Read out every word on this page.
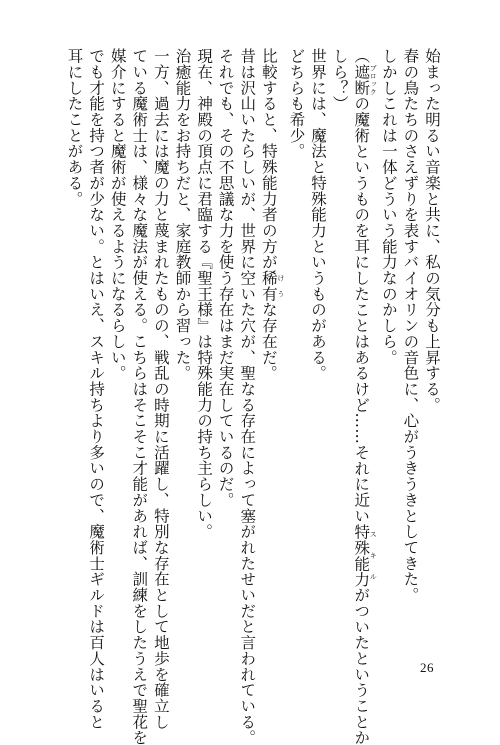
始まった明るい音楽と共に、私の気分も上昇する。
春の鳥たちのさえずりを表すバイオリンの音色に、心がうきうきとしてきた。
しかしこれは一体どういう能力なのかしら。
（遮断 ブロックの魔術というものを耳にしたことはあるけど……それに近い特殊能力 スキルがついたということか
しら？）
世界には、魔法と特殊能力というものがある。
どちらも希少。
比較すると、特殊能力者の方が稀有 けうな存在だ。
昔は沢山いたらしいが、世界に空いた穴が、聖なる存在によって塞がれたせいだと言われている。
それでも、その不思議な力を使う存在はまだ実在しているのだ。
現在、神殿の頂点に君臨する『聖王様』は特殊能力の持ち主らしい。
治癒能力をお持ちだと、家庭教師から習った。
一方、過去には魔の力と蔑まれたものの、戦乱の時期に活躍し、特別な存在として地歩を確立し
ている魔術士は、様々な魔法が使える。こちらはそこそこ才能があれば、訓練をしたうえで聖花を
媒介にすると魔術が使えるようになるらしい。
でも才能を持つ者が少ない。とはいえ、スキル持ちより多いので、魔術士ギルドは百人はいると
耳にしたことがある。
26
